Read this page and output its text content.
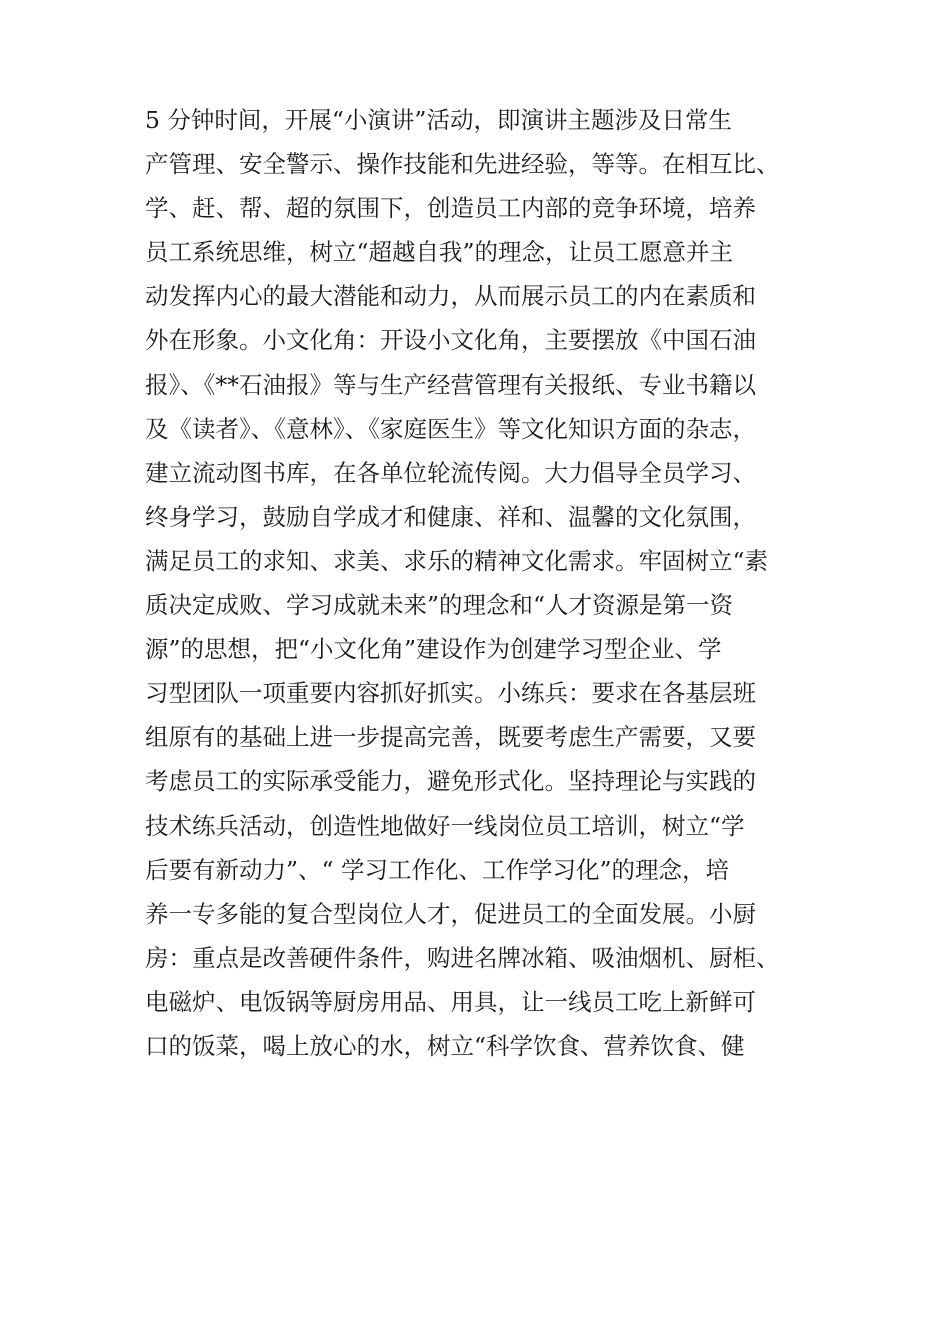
5 分钟时间，开展“小演讲”活动，即演讲主题涉及日常生
产管理、安全警示、操作技能和先进经验，等等。在相互比、
学、赶、帮、超的氛围下，创造员工内部的竞争环境，培养
员工系统思维，树立“超越自我”的理念，让员工愿意并主
动发挥内心的最大潜能和动力，从而展示员工的内在素质和
外在形象。小文化角：开设小文化角，主要摆放《中国石油
报》、《**石油报》等与生产经营管理有关报纸、专业书籍以
及《读者》、《意林》、《家庭医生》等文化知识方面的杂志，
建立流动图书库，在各单位轮流传阅。大力倡导全员学习、
终身学习，鼓励自学成才和健康、祥和、温馨的文化氛围，
满足员工的求知、求美、求乐的精神文化需求。牢固树立“素
质决定成败、学习成就未来”的理念和“人才资源是第一资
源”的思想，把“小文化角”建设作为创建学习型企业、学
习型团队一项重要内容抓好抓实。小练兵：要求在各基层班
组原有的基础上进一步提高完善，既要考虑生产需要，又要
考虑员工的实际承受能力，避免形式化。坚持理论与实践的
技术练兵活动，创造性地做好一线岗位员工培训，树立“学
后要有新动力”、“ 学习工作化、工作学习化”的理念，培
养一专多能的复合型岗位人才，促进员工的全面发展。小厨
房：重点是改善硬件条件，购进名牌冰箱、吸油烟机、厨柜、
电磁炉、电饭锅等厨房用品、用具，让一线员工吃上新鲜可
口的饭菜，喝上放心的水，树立“科学饮食、营养饮食、健
